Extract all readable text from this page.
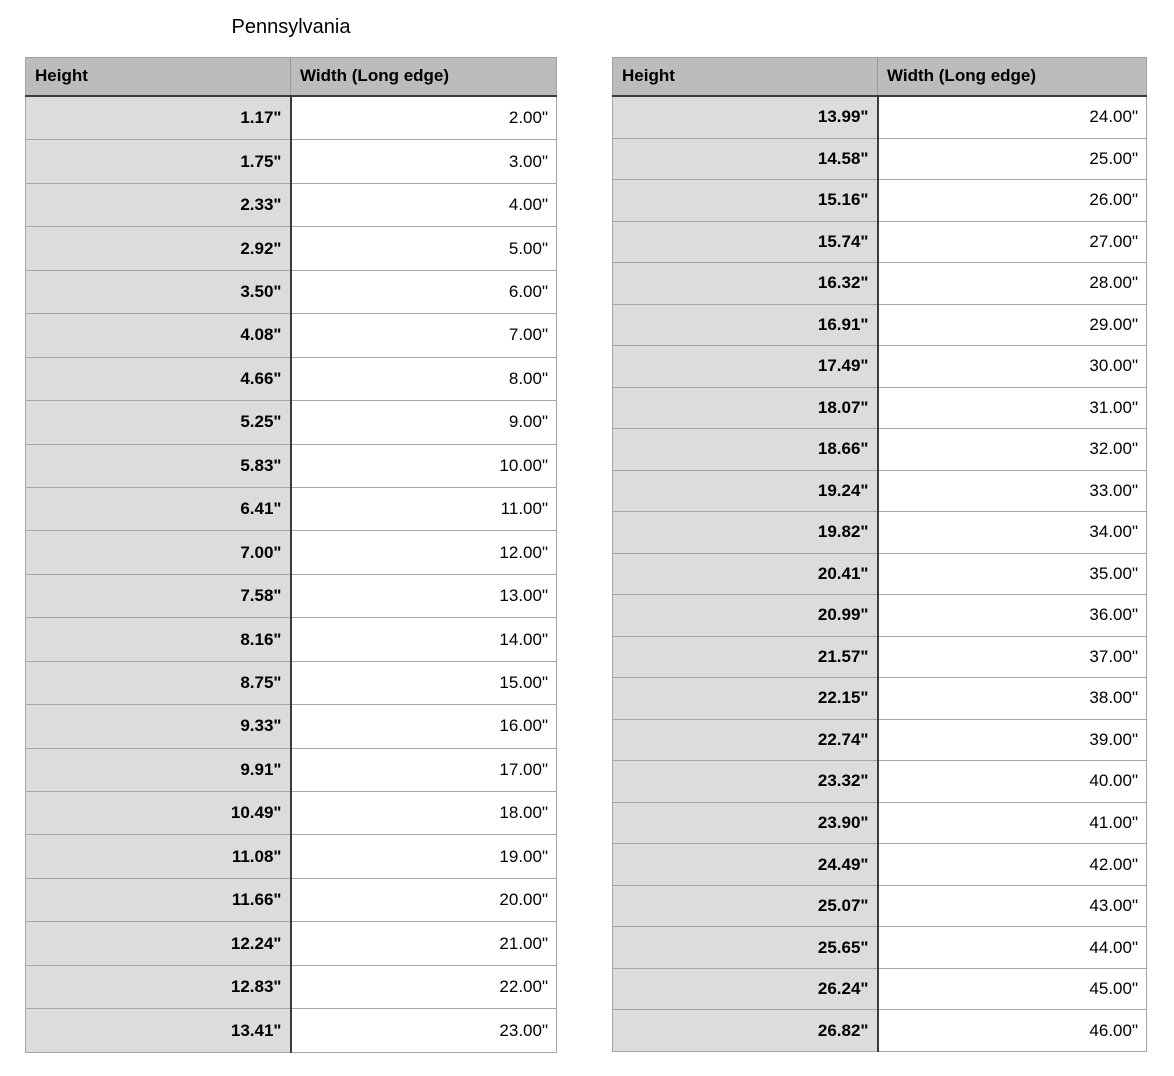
Pennsylvania
Height	Width (Long edge)
1.17"	2.00"
1.75"	3.00"
2.33"	4.00"
2.92"	5.00"
3.50"	6.00"
4.08"	7.00"
4.66"	8.00"
5.25"	9.00"
5.83"	10.00"
6.41"	11.00"
7.00"	12.00"
7.58"	13.00"
8.16"	14.00"
8.75"	15.00"
9.33"	16.00"
9.91"	17.00"
10.49"	18.00"
11.08"	19.00"
11.66"	20.00"
12.24"	21.00"
12.83"	22.00"
13.41"	23.00"
Height	Width (Long edge)
13.99"	24.00"
14.58"	25.00"
15.16"	26.00"
15.74"	27.00"
16.32"	28.00"
16.91"	29.00"
17.49"	30.00"
18.07"	31.00"
18.66"	32.00"
19.24"	33.00"
19.82"	34.00"
20.41"	35.00"
20.99"	36.00"
21.57"	37.00"
22.15"	38.00"
22.74"	39.00"
23.32"	40.00"
23.90"	41.00"
24.49"	42.00"
25.07"	43.00"
25.65"	44.00"
26.24"	45.00"
26.82"	46.00"
